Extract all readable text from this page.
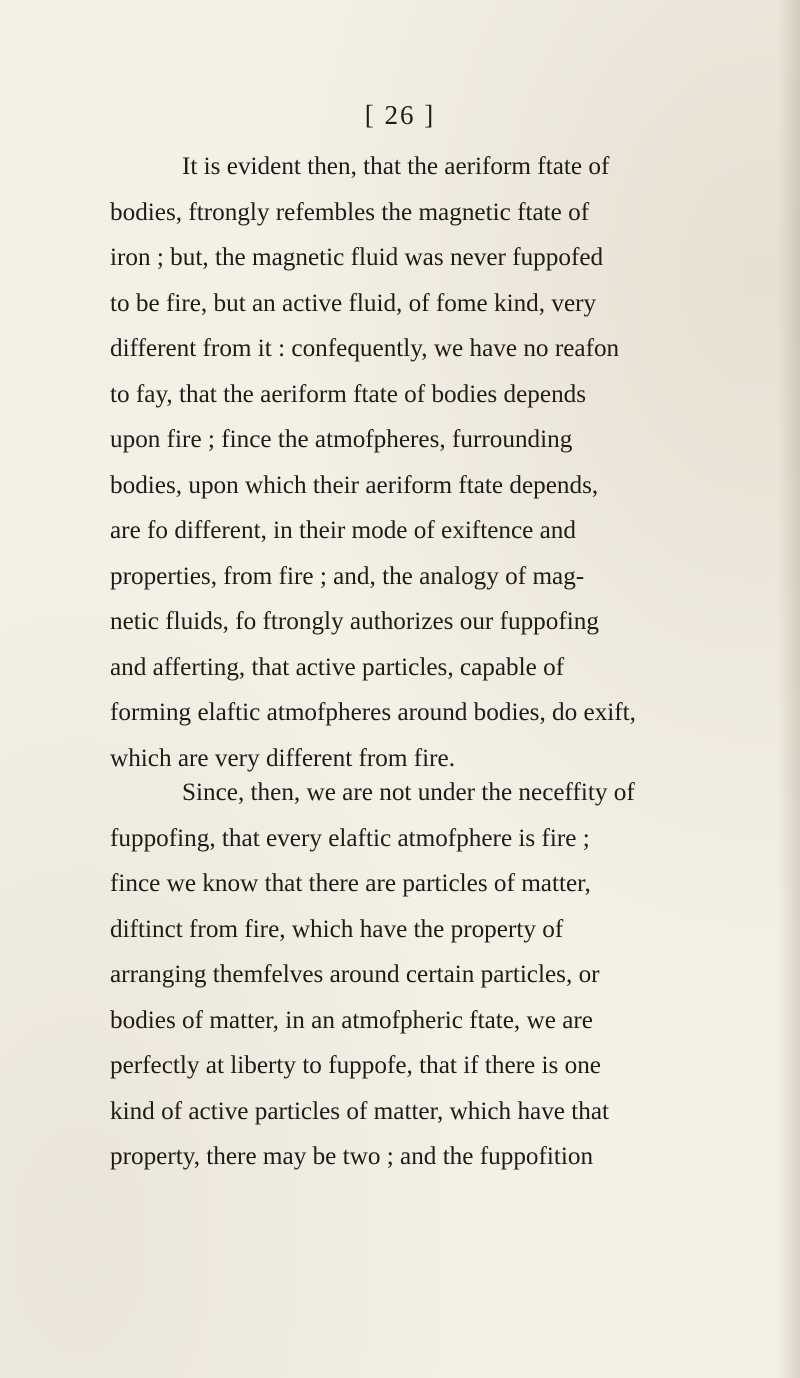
[ 26 ]
It is evident then, that the aeriform ftate of
bodies, ftrongly refembles the magnetic ftate of
iron ; but, the magnetic fluid was never fuppofed
to be fire, but an active fluid, of fome kind, very
different from it : confequently, we have no reafon
to fay, that the aeriform ftate of bodies depends
upon fire ; fince the atmofpheres, furrounding
bodies, upon which their aeriform ftate depends,
are fo different, in their mode of exiftence and
properties, from fire ; and, the analogy of mag-
netic fluids, fo ftrongly authorizes our fuppofing
and afferting, that active particles, capable of
forming elaftic atmofpheres around bodies, do exift,
which are very different from fire.
Since, then, we are not under the neceffity of
fuppofing, that every elaftic atmofphere is fire ;
fince we know that there are particles of matter,
diftinct from fire, which have the property of
arranging themfelves around certain particles, or
bodies of matter, in an atmofpheric ftate, we are
perfectly at liberty to fuppofe, that if there is one
kind of active particles of matter, which have that
property, there may be two ; and the fuppofition
